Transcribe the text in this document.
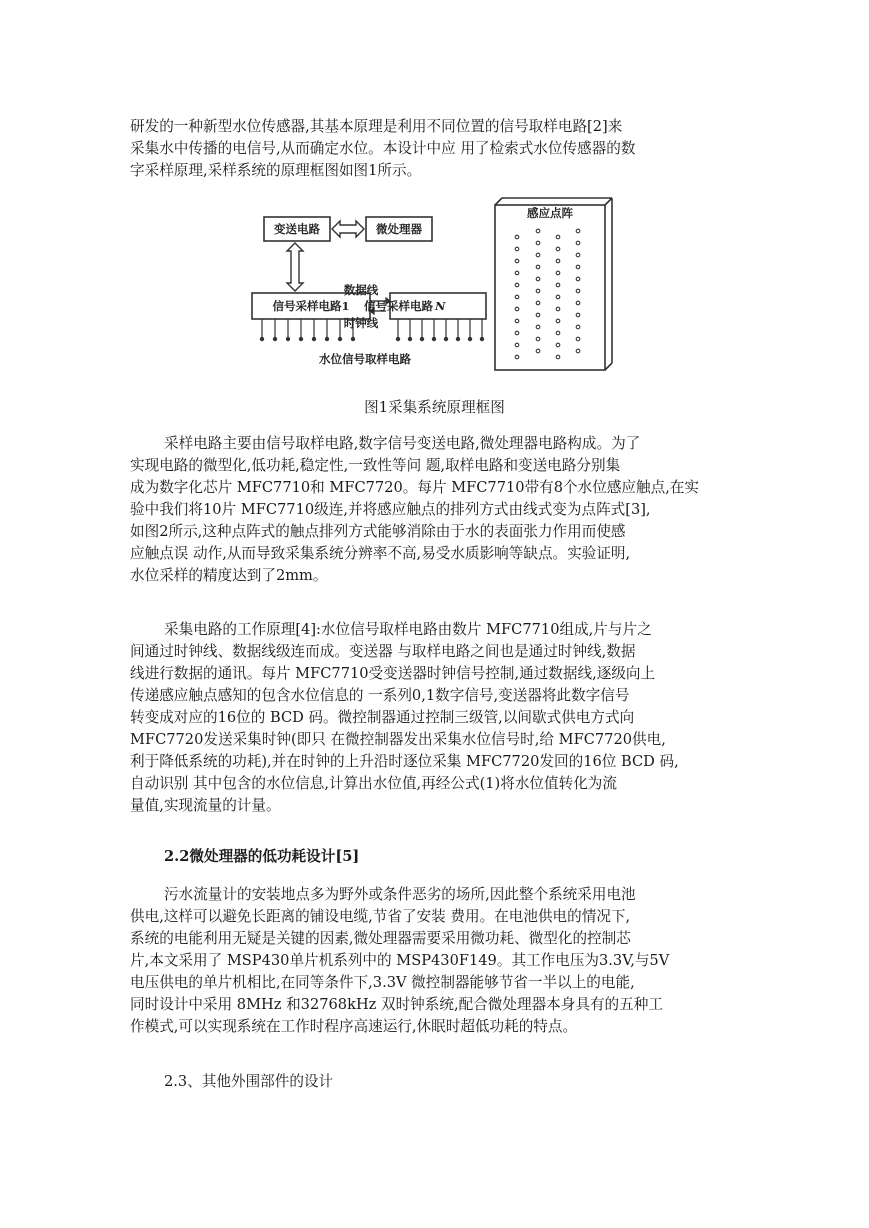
研发的一种新型水位传感器,其基本原理是利用不同位置的信号取样电路[2]来
采集水中传播的电信号,从而确定水位。本设计中应 用了检索式水位传感器的数
字采样原理,采样系统的原理框图如图1所示。
变送电路	微处理器
信号采样电路1 信号采样电路 N
数据线
时钟线
水位信号取样电路
感应点阵
图1采集系统原理框图
采样电路主要由信号取样电路,数字信号变送电路,微处理器电路构成。为了
实现电路的微型化,低功耗,稳定性,一致性等问 题,取样电路和变送电路分别集
成为数字化芯片 MFC7710和 MFC7720。每片 MFC7710带有8个水位感应触点,在实
验中我们将10片 MFC7710级连,并将感应触点的排列方式由线式变为点阵式[3],
如图2所示,这种点阵式的触点排列方式能够消除由于水的表面张力作用而使感
应触点误 动作,从而导致采集系统分辨率不高,易受水质影响等缺点。实验证明,
水位采样的精度达到了2mm。
采集电路的工作原理[4]:水位信号取样电路由数片 MFC7710组成,片与片之
间通过时钟线、数据线级连而成。变送器 与取样电路之间也是通过时钟线,数据
线进行数据的通讯。每片 MFC7710受变送器时钟信号控制,通过数据线,逐级向上
传递感应触点感知的包含水位信息的 一系列0,1数字信号,变送器将此数字信号
转变成对应的16位的 BCD 码。微控制器通过控制三级管,以间歇式供电方式向
MFC7720发送采集时钟(即只 在微控制器发出采集水位信号时,给 MFC7720供电,
利于降低系统的功耗),并在时钟的上升沿时逐位采集 MFC7720发回的16位 BCD 码,
自动识别 其中包含的水位信息,计算出水位值,再经公式(1)将水位值转化为流
量值,实现流量的计量。
2.2微处理器的低功耗设计[5]
污水流量计的安装地点多为野外或条件恶劣的场所,因此整个系统采用电池
供电,这样可以避免长距离的铺设电缆,节省了安装 费用。在电池供电的情况下,
系统的电能利用无疑是关键的因素,微处理器需要采用微功耗、微型化的控制芯
片,本文采用了 MSP430单片机系列中的 MSP430F149。其工作电压为3.3V,与5V
电压供电的单片机相比,在同等条件下,3.3V 微控制器能够节省一半以上的电能,
同时设计中采用 8MHz 和32768kHz 双时钟系统,配合微处理器本身具有的五种工
作模式,可以实现系统在工作时程序高速运行,休眠时超低功耗的特点。
2.3、其他外围部件的设计
